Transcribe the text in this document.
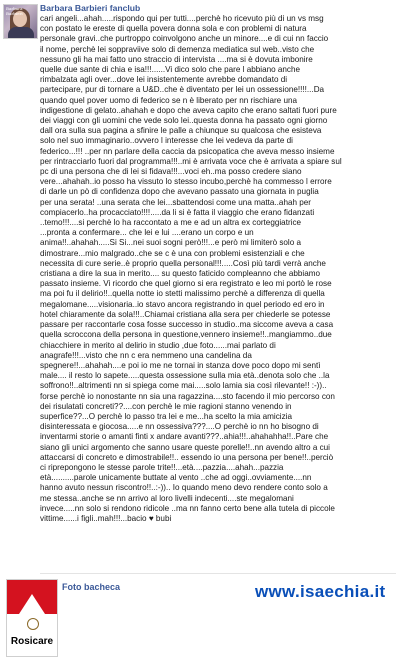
Barbara Barbieri
Barbara Barbieri fanclub
cari angeli...ahah.....rispondo qui per tutti....perchè ho ricevuto più di un vs msg
con postato le ereste di quella povera donna sola e con problemi di natura
personale gravi..che purtroppo coinvolgono anche un minore....e di cui nn faccio
il nome, perchè lei soppraviive solo di demenza mediatica sul web..visto che
nessuno gli ha mai fatto uno straccio di intervista ....ma si è dovuta imbonire
quelle due sante di chia e isa!!!......Vi dico solo che pare l abbiano anche
rimbalzata agli over...dove lei insistentemente avrebbe domandato di
partecipare, pur di tornare a U&D..che è diventato per lei un ossessione!!!!...Da
quando quel pover uomo di federico se n è liberato per nn rischiare una
indigestione di gelato..ahahah e dopo che aveva capito che erano saltati fuori pure
dei viaggi con gli uomini che vede solo lei..questa donna ha passato ogni giorno
dall ora sulla sua pagina a sfinire le palle a chiunque su qualcosa che esisteva
solo nel suo immaginario..ovvero l interesse che lei vedeva da parte di
federico...!!! ..per nn parlare della caccia da psicopatica che aveva messo insieme
per rintracciarlo fuori dal programma!!!..mi è arrivata voce che è arrivata a spiare sul
pc di una persona che di lei si fidava!!!...voci eh..ma posso credere siano
vere...ahahah..io posso ha vissuto lo stesso incubo,perchè ha commesso l errore
di darle un pò di confidenza dopo che avevano passato una giornata in puglia
per una serata! ..una serata che lei...sbattendosi come una matta..ahah per
compiacerlo..ha procacciato!!!!.....da li si è fatta il viaggio che erano fidanzati
..temo!!!....si perchè lo ha raccontato a me e ad un altra ex corteggiatrice
...pronta a confermare... che lei e lui ....erano un corpo e un
anima!!..ahahah.....Si Si...nei suoi sogni però!!!...e però mi limiterò solo a
dimostrare...mio malgrado..che se c è una con problemi esistenziali e che
necessita di cure serie..è proprio quella personal!!!.....Così più tardi verrà anche
cristiana a dire la sua in merito.... su questo faticido compleanno che abbiamo
passato insieme. Vi ricordo che quel giorno si era registrato e leo mi portò le rose
ma poi fu il delirio!!..quella notte io stetti malissimo perchè a differenza di quella
megalomane.....visionaria..io stavo ancora registrando in quel periodo ed ero in
hotel chiaramente da sola!!!..Chiamai cristiana alla sera per chiederle se potesse
passare per raccontarle cosa fosse successo in studio..ma siccome aveva a casa
quella scroccona della persona in questione,vennero insieme!!..mangiammo..due
chiacchiere in merito al delirio in studio ,due foto......mai parlato di
anagrafe!!!...visto che nn c era nemmeno una candelina da
spegnere!!...ahahah....e poi io me ne tornai in stanza dove poco dopo mi sentì
male.... il resto lo sapete.....questa ossessione sulla mia età..denota solo che ..la
soffrono!!..altrimenti nn si spiega come mai.....solo lamia sia così rilevante!! :-))..
forse perchè io nonostante nn sia una ragazzina....sto facendo il mio percorso con
dei risulatati concreti??....con perchè le mie ragioni stanno venendo in
superfice??...O perchè lo passo tra lei e me...ha scelto la mia amicizia
disinteressata e giocosa.....e nn ossessiva???....O perchè io nn ho bisogno di
inventarmi storie o amanti finti x andare avanti???..ahia!!!..ahahahha!!..Pare che
siano gli unici argomento che sanno usare queste porelle!!..nn avendo altro a cui
attaccarsi di concreto e dimostrabile!!.. essendo io una persona per bene!!..perciò
ci riprepongono le stesse parole trite!!...età....pazzia....ahah...pazzia
età..........parole unicamente buttate al vento ..che ad oggi..ovviamente....nn
hanno avuto nessun riscontro!!..:-)).. Io quando meno devo rendere conto solo a
me stessa..anche se nn arrivo al loro livelli indecenti....ste megalomani
invece.....nn solo si rendono ridicole ..ma nn fanno certo bene alla tutela di piccole
vittime......i figli..mah!!!...bacio ♥ bubi
Rosicare
Foto bacheca	www.isaechia.it
